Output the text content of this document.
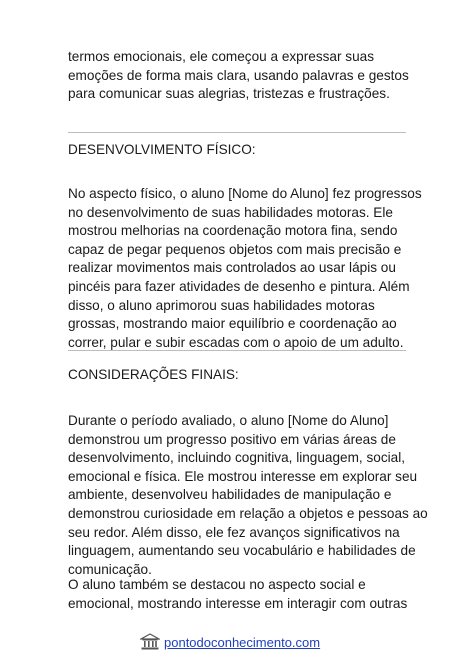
termos emocionais, ele começou a expressar suas
emoções de forma mais clara, usando palavras e gestos
para comunicar suas alegrias, tristezas e frustrações.

DESENVOLVIMENTO FÍSICO:

No aspecto físico, o aluno [Nome do Aluno] fez progressos
no desenvolvimento de suas habilidades motoras. Ele
mostrou melhorias na coordenação motora fina, sendo
capaz de pegar pequenos objetos com mais precisão e
realizar movimentos mais controlados ao usar lápis ou
pincéis para fazer atividades de desenho e pintura. Além
disso, o aluno aprimorou suas habilidades motoras
grossas, mostrando maior equilíbrio e coordenação ao
correr, pular e subir escadas com o apoio de um adulto.

CONSIDERAÇÕES FINAIS:

Durante o período avaliado, o aluno [Nome do Aluno]
demonstrou um progresso positivo em várias áreas de
desenvolvimento, incluindo cognitiva, linguagem, social,
emocional e física. Ele mostrou interesse em explorar seu
ambiente, desenvolveu habilidades de manipulação e
demonstrou curiosidade em relação a objetos e pessoas ao
seu redor. Além disso, ele fez avanços significativos na
linguagem, aumentando seu vocabulário e habilidades de
comunicação.

O aluno também se destacou no aspecto social e
emocional, mostrando interesse em interagir com outras

pontodoconhecimento.com
